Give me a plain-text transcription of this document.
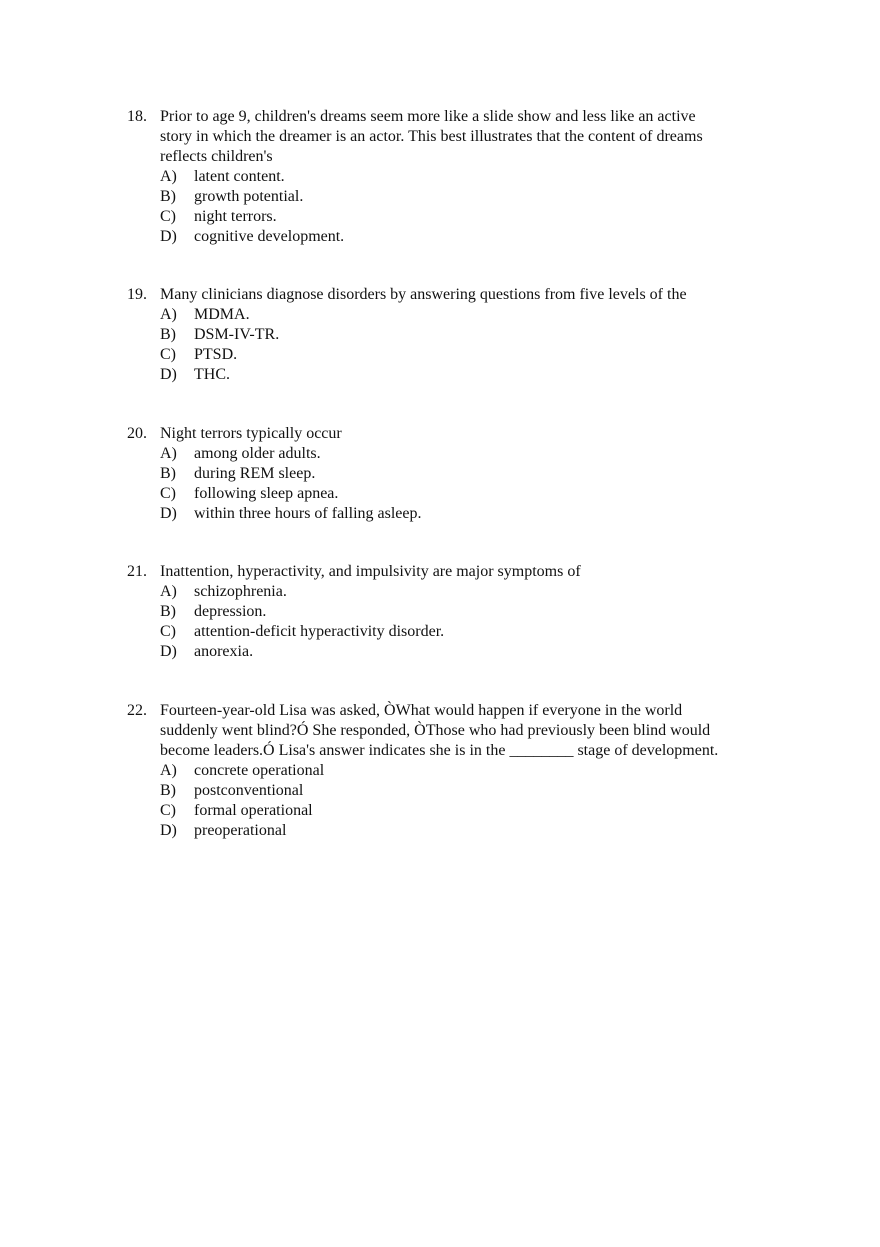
18. Prior to age 9, children's dreams seem more like a slide show and less like an active
story in which the dreamer is an actor. This best illustrates that the content of dreams
reflects children's
A) latent content.
B) growth potential.
C) night terrors.
D) cognitive development.
19. Many clinicians diagnose disorders by answering questions from five levels of the
A) MDMA.
B) DSM-IV-TR.
C) PTSD.
D) THC.
20. Night terrors typically occur
A) among older adults.
B) during REM sleep.
C) following sleep apnea.
D) within three hours of falling asleep.
21. Inattention, hyperactivity, and impulsivity are major symptoms of
A) schizophrenia.
B) depression.
C) attention-deficit hyperactivity disorder.
D) anorexia.
22. Fourteen-year-old Lisa was asked, ÒWhat would happen if everyone in the world
suddenly went blind?Ó She responded, ÒThose who had previously been blind would
become leaders.Ó Lisa's answer indicates she is in the ________ stage of development.
A) concrete operational
B) postconventional
C) formal operational
D) preoperational
